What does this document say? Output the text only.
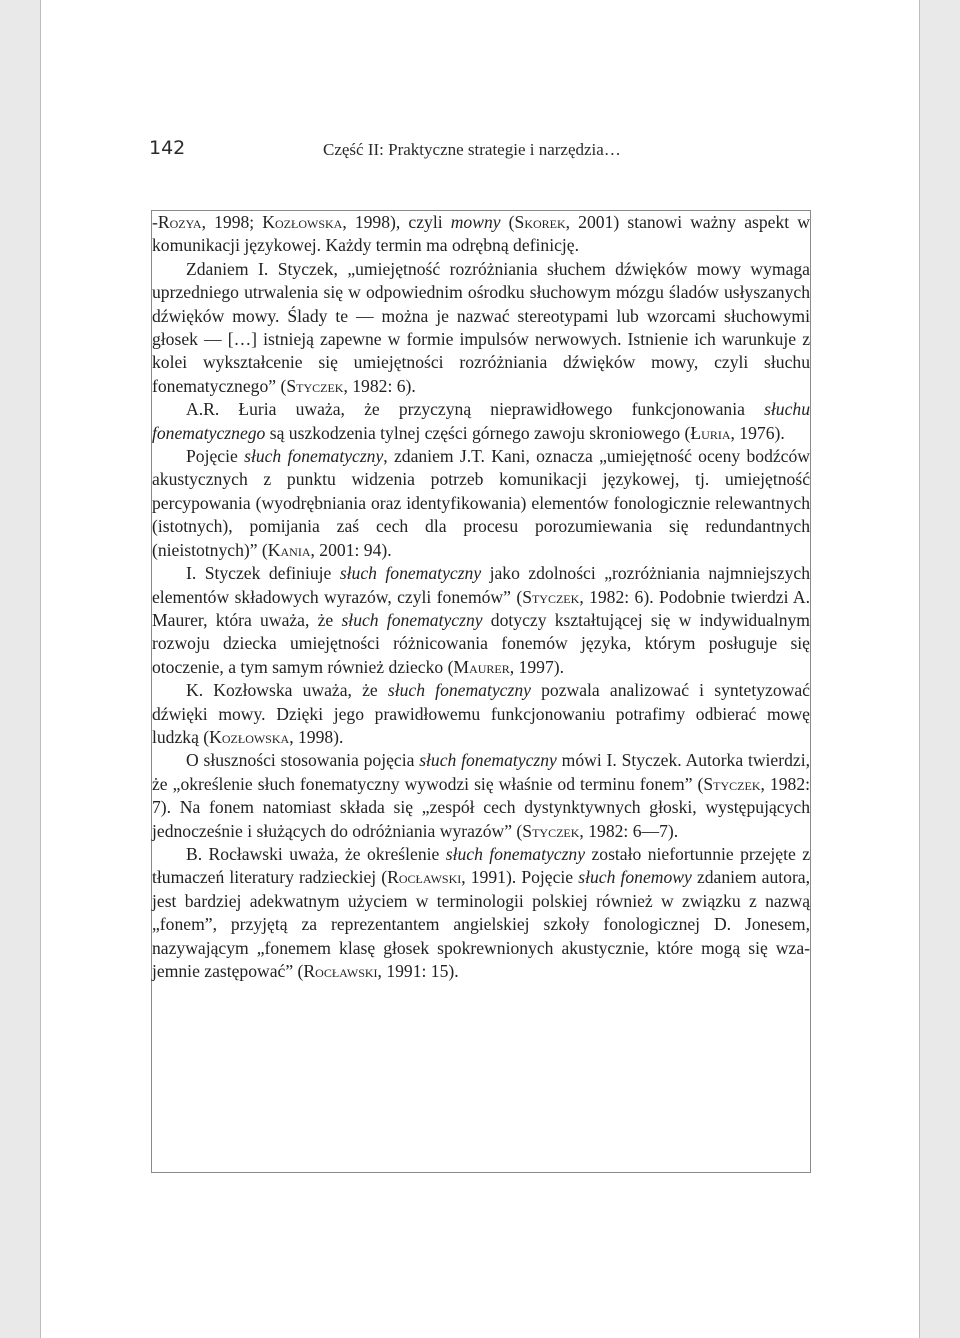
142	Część II: Praktyczne strategie i narzędzia…

-Rozya, 1998; Kozłowska, 1998), czyli mowny (Skorek, 2001) stanowi ważny aspekt w komunikacji językowej. Każdy termin ma odrębną definicję.

Zdaniem I. Styczek, „umiejętność rozróżniania słuchem dźwięków mowy wymaga uprzedniego utrwalenia się w odpowiednim ośrodku słuchowym mózgu śladów usłyszanych dźwięków mowy. Ślady te — można je nazwać stereotypami lub wzorcami słuchowymi głosek — […] istnieją zapewne w formie impulsów nerwowych. Istnienie ich warunkuje z kolei wykształcenie się umiejętności rozróżniania dźwięków mowy, czyli słuchu fonematycznego” (Styczek, 1982: 6).

A.R. Łuria uważa, że przyczyną nieprawidłowego funkcjonowania słuchu fonematycznego są uszkodzenia tylnej części górnego zawoju skroniowego (Łuria, 1976).

Pojęcie słuch fonematyczny, zdaniem J.T. Kani, oznacza „umiejętność oceny bodźców akustycznych z punktu widzenia potrzeb komunikacji językowej, tj. umiejętność percypowania (wyodrębniania oraz identyfikowania) elementów fonologicznie relewantnych (istotnych), pomijania zaś cech dla procesu porozumiewania się redundantnych (nieistotnych)” (Kania, 2001: 94).

I. Styczek definiuje słuch fonematyczny jako zdolności „rozróżniania najmniejszych elementów składowych wyrazów, czyli fonemów” (Styczek, 1982: 6). Podobnie twierdzi A. Maurer, która uważa, że słuch fonematyczny dotyczy kształtującej się w indywidualnym rozwoju dziecka umiejętności różnicowania fonemów języka, którym posługuje się otoczenie, a tym samym również dziecko (Maurer, 1997).

K. Kozłowska uważa, że słuch fonematyczny pozwala analizować i syntetyzować dźwięki mowy. Dzięki jego prawidłowemu funkcjonowaniu potrafimy odbierać mowę ludzką (Kozłowska, 1998).

O słuszności stosowania pojęcia słuch fonematyczny mówi I. Styczek. Autorka twierdzi, że „określenie słuch fonematyczny wywodzi się właśnie od terminu fonem” (Styczek, 1982: 7). Na fonem natomiast składa się „zespół cech dystynktywnych głoski, występujących jednocześnie i służących do odróżniania wyrazów” (Styczek, 1982: 6—7).

B. Rocławski uważa, że określenie słuch fonematyczny zostało niefortunnie przejęte z tłumaczeń literatury radzieckiej (Rocławski, 1991). Pojęcie słuch fonemowy zdaniem autora, jest bardziej adekwatnym użyciem w terminologii polskiej również w związku z nazwą „fonem”, przyjętą za reprezentantem angielskiej szkoły fonologicznej D. Jonesem, nazywającym „fonemem klasę głosek spokrewnionych akustycznie, które mogą się wzajemnie zastępować” (Rocławski, 1991: 15).
